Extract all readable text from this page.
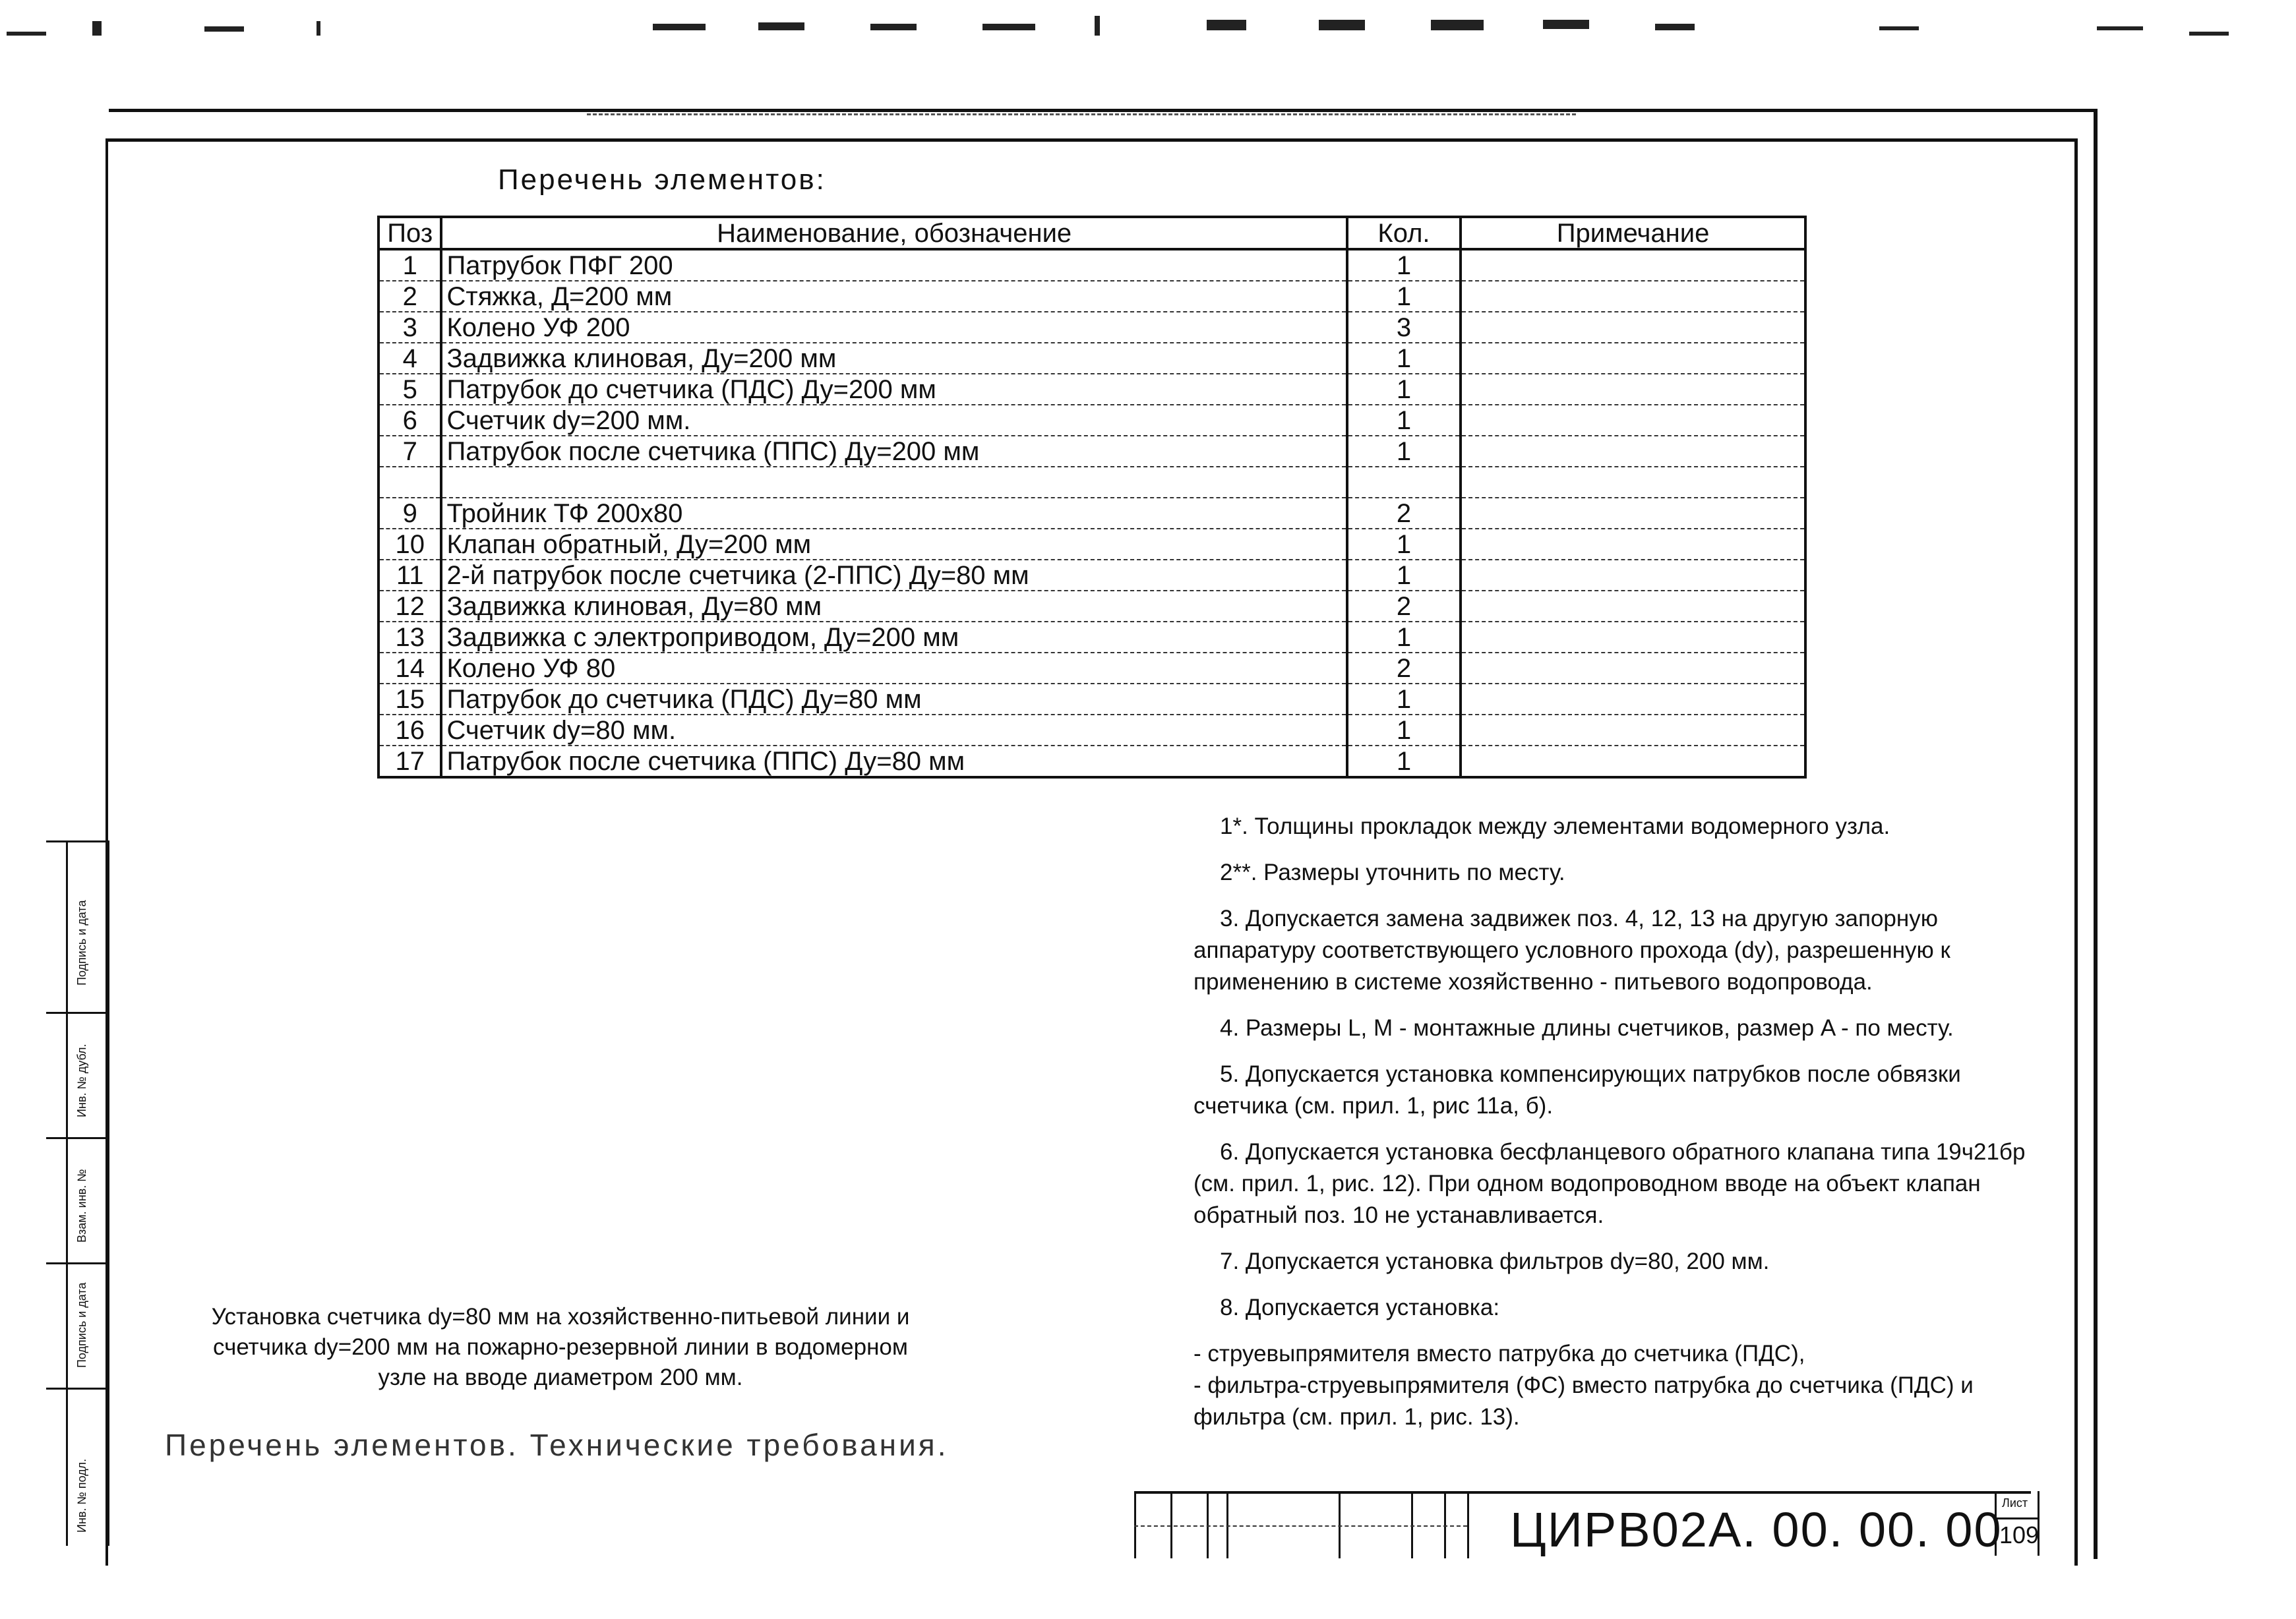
Перечень элементов:
Поз	Наименование, обозначение	Кол.	Примечание
1	Патрубок ПФГ 200	1	
2	Стяжка, Д=200 мм	1	
3	Колено УФ 200	3	
4	Задвижка клиновая, Ду=200 мм	1	
5	Патрубок до счетчика (ПДС) Ду=200 мм	1	
6	Счетчик dy=200 мм.	1	
7	Патрубок после счетчика (ППС) Ду=200 мм	1	

9	Тройник ТФ 200х80	2	
10	Клапан обратный, Ду=200 мм	1	
11	2-й патрубок после счетчика (2-ППС) Ду=80 мм	1	
12	Задвижка клиновая, Ду=80 мм	2	
13	Задвижка с электроприводом, Ду=200 мм	1	
14	Колено УФ 80	2	
15	Патрубок до счетчика (ПДС) Ду=80 мм	1	
16	Счетчик dy=80 мм.	1	
17	Патрубок после счетчика (ППС) Ду=80 мм	1	

1*. Толщины прокладок между элементами водомерного узла.

2**. Размеры уточнить по месту.

3. Допускается замена задвижек поз. 4, 12, 13 на другую запорную аппаратуру соответствующего условного прохода (dy), разрешенную к применению в системе хозяйственно - питьевого водопровода.

4. Размеры L, M - монтажные длины счетчиков, размер A - по месту.

5. Допускается установка компенсирующих патрубков после обвязки счетчика (см. прил. 1, рис 11а, б).

6. Допускается установка бесфланцевого обратного клапана типа 19ч21бр (см. прил. 1, рис. 12). При одном водопроводном вводе на объект клапан обратный поз. 10 не устанавливается.

7. Допускается установка фильтров dy=80, 200 мм.

8. Допускается установка:

- струевыпрямителя вместо патрубка до счетчика (ПДС),

- фильтра-струевыпрямителя (ФС) вместо патрубка до счетчика (ПДС) и фильтра (см. прил. 1, рис. 13).

Установка счетчика dy=80 мм на хозяйственно-питьевой линии и счетчика dy=200 мм на пожарно-резервной линии в водомерном узле на вводе диаметром 200 мм.
Перечень элементов. Технические требования.
ЦИРВ02А. 00. 00. 00 Лист
109
Подпись и дата
Инв. № дубл.
Взам. инв. №
Подпись и дата
Инв. № подл.
